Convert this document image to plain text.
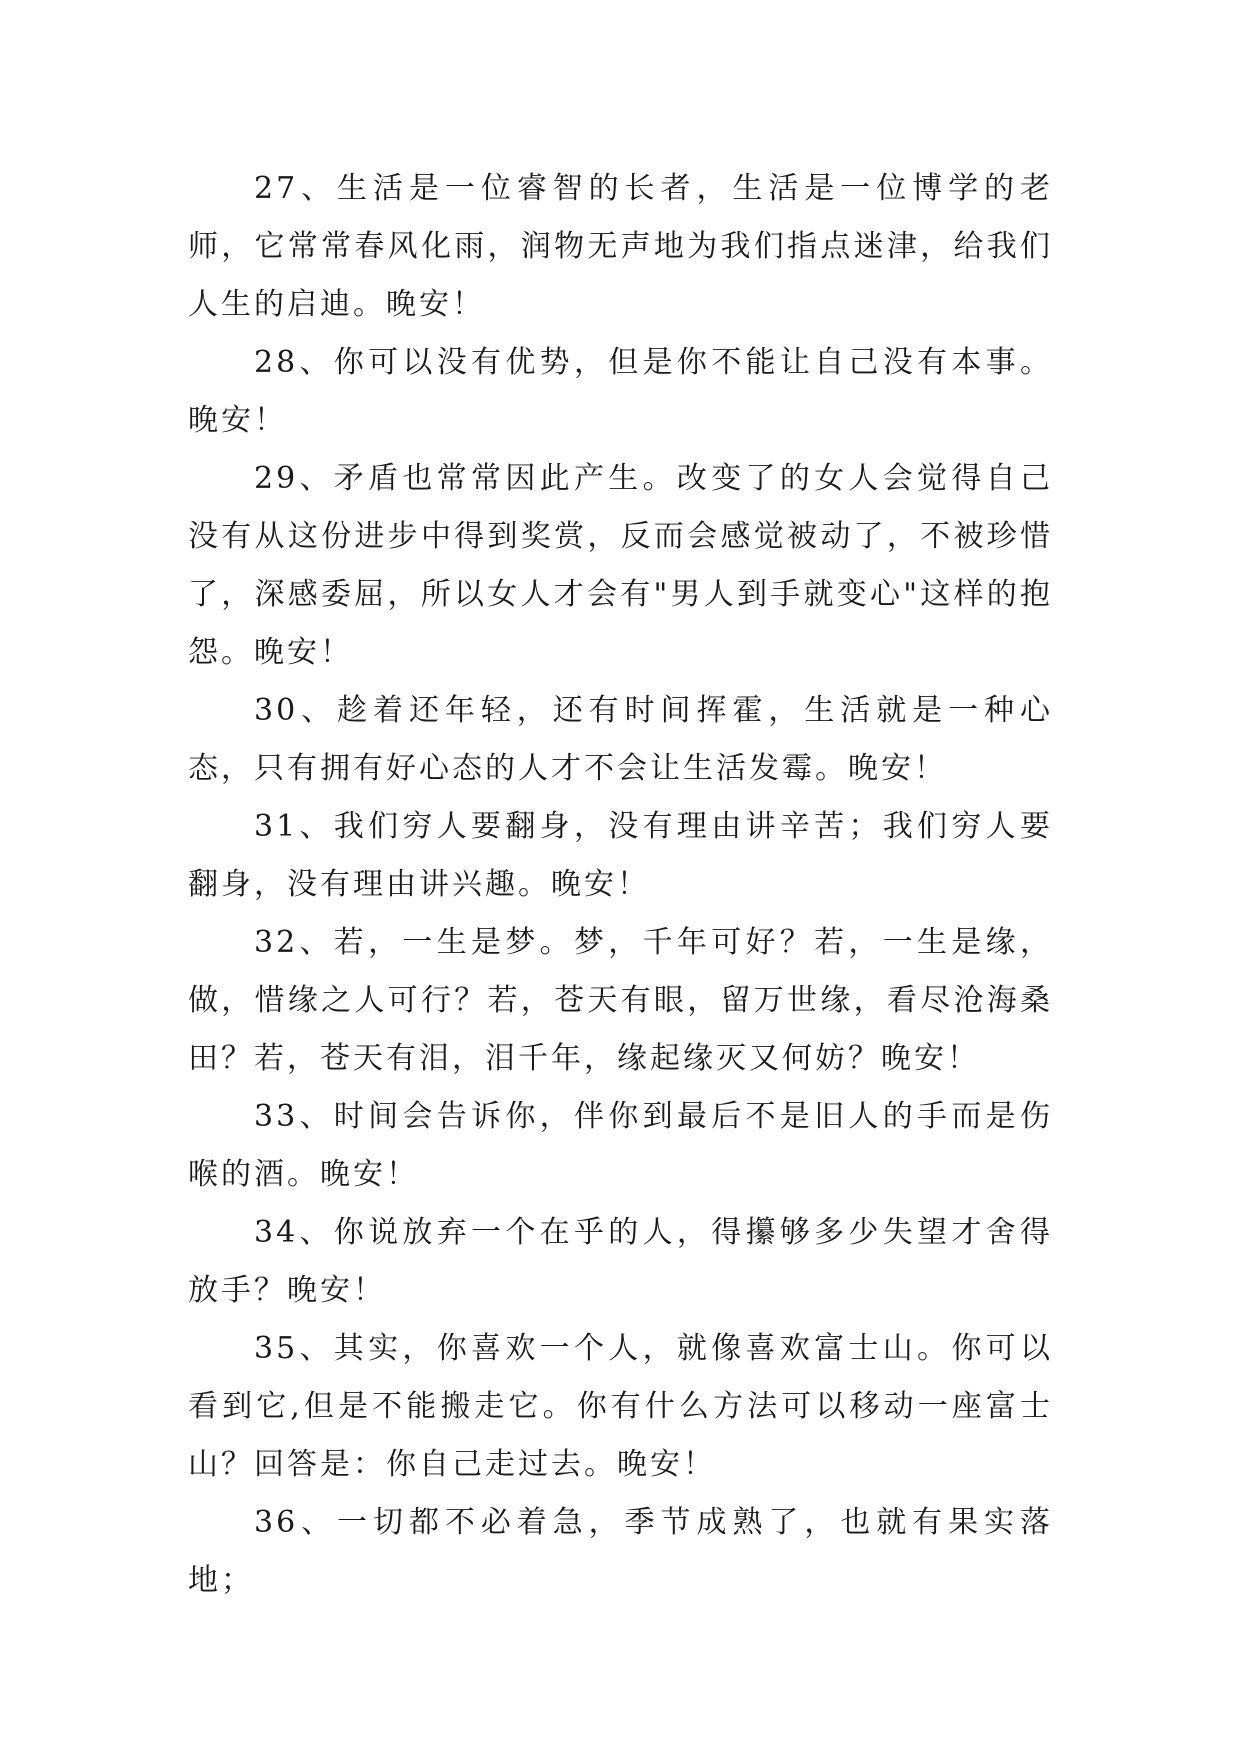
27、生活是一位睿智的长者，生活是一位博学的老师，它常常春风化雨，润物无声地为我们指点迷津，给我们人生的启迪。晚安！

28、你可以没有优势，但是你不能让自己没有本事。晚安！

29、矛盾也常常因此产生。改变了的女人会觉得自己没有从这份进步中得到奖赏，反而会感觉被动了，不被珍惜了，深感委屈，所以女人才会有"男人到手就变心"这样的抱怨。晚安！

30、趁着还年轻，还有时间挥霍，生活就是一种心态，只有拥有好心态的人才不会让生活发霉。晚安！

31、我们穷人要翻身，没有理由讲辛苦；我们穷人要翻身，没有理由讲兴趣。晚安！

32、若，一生是梦。梦，千年可好？若，一生是缘，做，惜缘之人可行？若，苍天有眼，留万世缘，看尽沧海桑田？若，苍天有泪，泪千年，缘起缘灭又何妨？晚安！

33、时间会告诉你，伴你到最后不是旧人的手而是伤喉的酒。晚安！

34、你说放弃一个在乎的人，得攥够多少失望才舍得放手？晚安！

35、其实，你喜欢一个人，就像喜欢富士山。你可以看到它,但是不能搬走它。你有什么方法可以移动一座富士山？回答是：你自己走过去。晚安！

36、一切都不必着急，季节成熟了，也就有果实落地；
